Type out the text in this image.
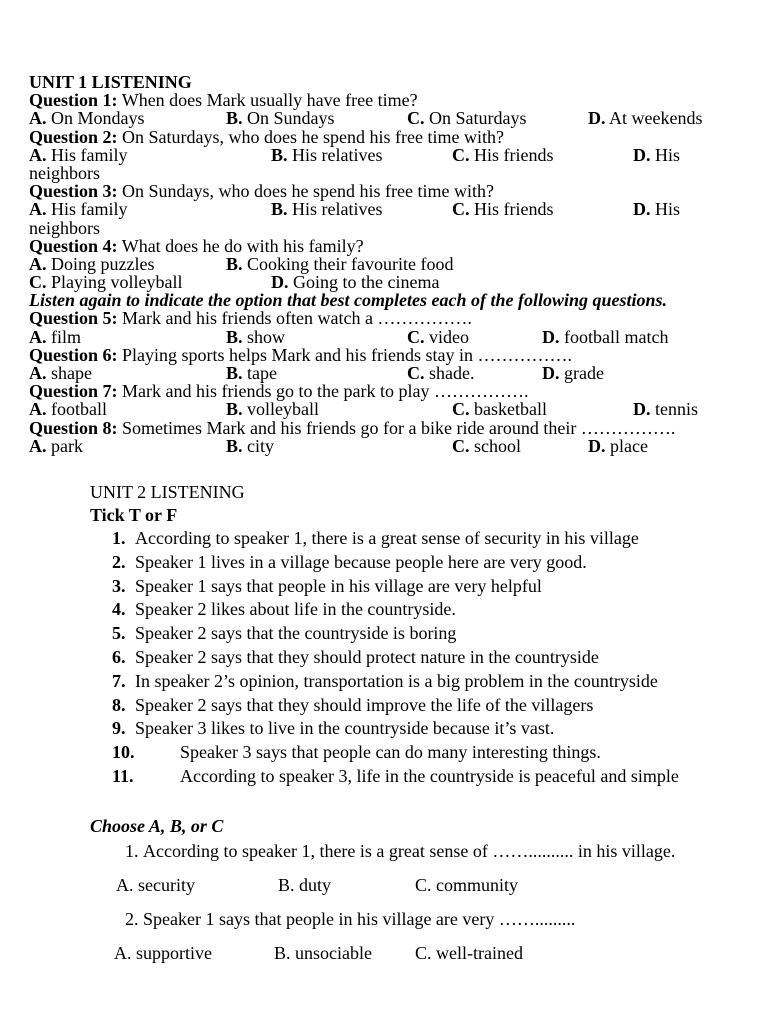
UNIT 1 LISTENING
Question 1: When does Mark usually have free time?
A. On Mondays	B. On Sundays	C. On Saturdays	D. At weekends
Question 2: On Saturdays, who does he spend his free time with?
A. His family	B. His relatives	C. His friends	D. His
neighbors
Question 3: On Sundays, who does he spend his free time with?
A. His family	B. His relatives	C. His friends	D. His
neighbors
Question 4: What does he do with his family?
A. Doing puzzles	B. Cooking their favourite food
C. Playing volleyball	D. Going to the cinema
Listen again to indicate the option that best completes each of the following questions.
Question 5: Mark and his friends often watch a …………….
A. film	B. show	C. video	D. football match
Question 6: Playing sports helps Mark and his friends stay in …………….
A. shape	B. tape	C. shade.	D. grade
Question 7: Mark and his friends go to the park to play …………….
A. football	B. volleyball	C. basketball	D. tennis
Question 8: Sometimes Mark and his friends go for a bike ride around their …………….
A. park	B. city	C. school	D. place
UNIT 2 LISTENING
Tick T or F
1. According to speaker 1, there is a great sense of security in his village
2. Speaker 1 lives in a village because people here are very good.
3. Speaker 1 says that people in his village are very helpful
4. Speaker 2 likes about life in the countryside.
5. Speaker 2 says that the countryside is boring
6. Speaker 2 says that they should protect nature in the countryside
7. In speaker 2’s opinion, transportation is a big problem in the countryside
8. Speaker 2 says that they should improve the life of the villagers
9. Speaker 3 likes to live in the countryside because it’s vast.
10.	Speaker 3 says that people can do many interesting things.
11.	According to speaker 3, life in the countryside is peaceful and simple
Choose A, B, or C
1. According to speaker 1, there is a great sense of …….......... in his village.
A. security	B. duty	C. community
2. Speaker 1 says that people in his village are very …….........
A. supportive	B. unsociable C. well-trained
